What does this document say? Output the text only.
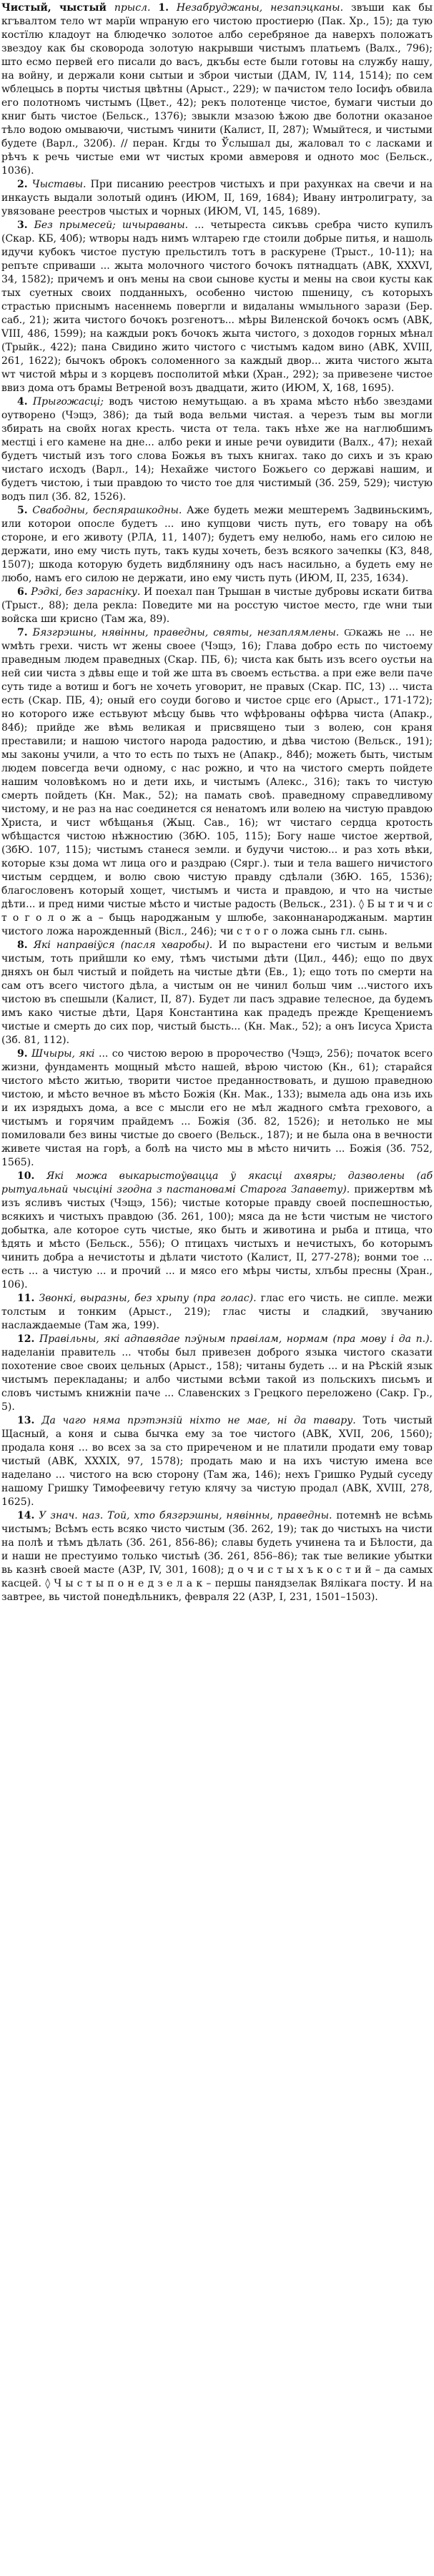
Чистый, чыстый прысл. 1. Незабруджаны, незапэцканы. звъши как бы кгъвалтом тело wт марїи wпраную его чистою простиерю (Пак. Хр., 15); да тую костїлю кладоут на блюдечко золотое албо серебряное да наверхъ положатъ звездоу как бы сковорода золотую накрывши чистымъ платьемъ (Валх., 796); што есмо первей его писали до васъ, дкъбы есте были готовы на службу нашу, на войну, и держали кони сытыи и зброи чистыи (ДАМ, IV, 114, 1514); по сем wблецысь в порты чистыя цвѣтны (Арыст., 229); w пачистом тело Іосифъ обвила его полотномъ чистымъ (Цвет., 42); рекъ полотенце чистое, бумаги чистыи до книг быть чистое (Бельск., 1376); звыкли мзазою ѣжою две болотни оказаное тѣло водою омываючи, чистымъ чинити (Калист, II, 287); Wмыйтеся, и чистыми будете (Варл., 320б). // перан. Кгды то Ўслышал ды, жаловал то с ласками и рѣчъ к речь чистые еми wт чистых кроми авмеровя и одното мос (Бельск., 1036).

2. Чыставы. При писанию реестров чистыхъ и при рахунках на свечи и на инкаусть выдали золотый одинъ (ИЮМ, II, 169, 1684); Ивану интролиграту, за увязоване реестров чыстых и чорных (ИЮМ, VI, 145, 1689).

3. Без прымесей; шчыраваны. ... четырестa сикъвь сребра чисто купилъ (Скар. КБ, 40б); wтворы надъ нимъ wлтарею где стоили добрые питья, и нашоль идучи кубокъ чистое пустую прельстилъ тотъ в раскурене (Трыст., 10-11); на репъте сприваши ... жыта молочного чистого бочокъ пятнадцать (АВК, XXXVI, 34, 1582); причемъ и онъ мены на свои сынове кусты и мены на свои кусты как тых суетных своих подданныхъ, особенно чистою пшеницу, съ которыхъ страстью приснымъ насеннемь повергли и видаланы wмыльного зарази (Бер. саб., 21); жита чистого бочокъ розгенотъ... мѣры Виленской бочокъ осмъ (АВК, VIII, 486, 1599); на каждыи рокъ бочокъ жыта чистого, з доходов горных мѣнал (Трыйк., 422); пана Свидино жито чистого с чистымъ кадом вино (АВК, XVIII, 261, 1622); бычокъ оброкъ соломенного за каждый двор... жита чистого жыта wт чистой мѣры и з корцевъ посполитой мѣки (Хран., 292); за привезене чистое ввиз дома отъ брамы Ветреной возъ двадцати, жито (ИЮМ, X, 168, 1695).

4. Прыгожасці; водъ чистою немутьщаю. а въ храма мѣсто нѣбо звездами оутворено (Чэщэ, 386); да тый вода вельми чистая. а черезъ тым вы могли збирать на свойх ногах кресть. чиста от тела. такъ нѣхе же на наглюбшимъ местці і его камене на дне... албо реки и иные речи оувидити (Валх., 47); нехай будетъ чистый изъ того слова Божья въ тыхъ книгах. тако до сихъ и зъ краю чистаго исходъ (Варл., 14); Нехайже чистого Божьего со державі нашим, и будетъ чистою, і тыи правдою то чисто тое для чистимый (3б. 259, 529); чистую водъ пил (3б. 82, 1526).

5. Свабодны, беспярашкодны. Аже будеть межи мештеремъ Задвиньскимъ, или которои опосле будетъ ... ино купцови чисть путь, его товару на обѣ стороне, и его животу (РЛА, 11, 1407); будетъ ему нелюбо, намь его силою не держати, ино ему чисть путь, такъ куды хочеть, безъ всякого зачепкы (КЗ, 848, 1507); шкода которую будеть видблянину одъ насъ насильно, а будеть ему не любо, намъ его силою не держати, ино ему чисть путь (ИЮМ, II, 235, 1634).

6. Рэдкі, без зарасніку. И поехал пан Трышан в чистые дубровы искати битва (Трыст., 88); дела рекла: Поведите ми на росстую чистое место, где wни тыи войска ши крисно (Там жа, 89).

7. Бязгрэшны, нявінны, праведны, святы, незаплямлены. Ѡкажь не ... не wмѣть грехи. чисть wт жены своее (Чэщэ, 16); Глава добро есть по чистоему праведным людем праведных (Скар. ПБ, 6); чиста как быть изъ всего оустьи на ней сии чиста з дѣвы еще и той же шта въ своемъ естьства. а при еже вели паче суть тиде а вотиш и богъ не хочеть уговорит, не правых (Скар. ПС, 13) ... чиста есть (Скар. ПБ, 4); оный его соуди богово и чистое срцє его (Арыст., 171-172); но которого иже естьвуют мѣсцу бывь что wфѣрованы офѣрва чиста (Апакр., 84б); прийде же вѣмь великая и присвящено тыи з волею, сон краня преставили; и нашою чистого народа радостию, и дѣва чистою (Вельск., 191); мы законы учили, а что то есть по тыхъ не (Апакр., 84б); можеть быть, чистым людем повсегда вечи одному, с нас рожно, и что на чистого смерть пойдете нашим чоловѣкомъ но и дети ихь, и чистымъ (Алекс., 316); такъ то чистую смерть пойдеть (Кн. Мак., 52); на памать своѣ. праведному справедливому чистому, и не раз на нас соединется ся ненатомъ или волею на чистую правдою Христа, и чист wбѣщанья (Жыц. Сав., 16); wт чистаго сердца кротость wбѣщастся чистою нѣжностию (ЗбЮ. 105, 115); Богу наше чистое жертвой, (ЗбЮ. 107, 115); чистымъ станеся земли. и будучи чистою... и раз хоть вѣки, которые кзы дома wт лица ого и раздраю (Сярг.). тыи и тела вашего ничистого чистым сердцем, и волю свою чистую правду сдѣлали (ЗбЮ. 165, 1536); благословенъ который хощет, чистымъ и чиста и правдою, и что на чистые дѣти... и пред ними чистые мѣсто и чистые радость (Вельск., 231). ◊ Б ы т и ч и с т о г о л о ж а – быць народжаным у шлюбе, законнанароджаным. мартин чистого ложа нарожденный (Вісл., 246); чи с т о г о ложа сынь гл. сынь.

8. Які направіўся (пасля хваробы). И по вырастени его чистым и вельми чистым, тоть прийшли ко ему, тѣмъ чистыми дѣти (Цил., 44б); ещо по двух дняхъ он был чистый и пойдеть на чистые дѣти (Ев., 1); ещо тоть по смерти на сам отъ всего чистого дѣла, а чистым он не чинил больш чим ...чистого ихъ чистою въ спешыли (Калист, II, 87). Будет ли пасъ здравие телесное, да будемъ имъ како чистые дѣти, Царя Константина как прадедъ прежде Крещениемъ чистые и смерть до сих пор, чистый бысть... (Кн. Мак., 52); а онъ Іисуса Христа (3б. 81, 112).

9. Шчыры, які ... со чистою верою в пророчество (Чэщэ, 256); початок всего жизни, фундаменть мощный мѣсто нашей, вѣрою чистою (Кн., 61); старайся чистого мѣсто житью, творити чистое преданноствовать, и душою праведною чистою, и мѣсто вечное въ мѣсто Божія (Кн. Мак., 133); вымела адь она изь ихь и их изрядыхъ дома, а все с мысли его не мѣл жадного смѣта грехового, а чистымъ и горячим прайдемъ ... Божія (3б. 82, 1526); и нетолько не мы помиловали без вины чистые до своего (Вельск., 187); и не была она в вечности живете чистая на горѣ, а болѣ на чисто мы в мѣсто ничить ... Божія (3б. 752, 1565).

10. Які можа выкарыстоўвацца ў якасці ахвяры; дазволены (аб рытуальнай чысціні згодна з пастановамі Старога Запавету). прижертвм мѣ изъ ясливъ чистых (Чэщэ, 156); чистые которые правду своей поспешностью, всякихъ и чистыхъ правдою (3б. 261, 100); мяса да не ѣсти чистым не чистого добытка, але которое суть чистые, яко быть и животина и рыба и птица, что ѣдять и мѣсто (Бельск., 556); О птицахъ чистыхъ и нечистыхъ, бо которымъ чинить добра а нечистоты и дѣлати чистото (Калист, II, 277-278); вонми тое ... есть ... а чистую ... и прочий ... и мясо его мѣры чисты, хлъбы пресны (Хран., 106).

11. Звонкі, выразны, без хрыпу (пра голас). глас его чисть. не сипле. межи толстым и тонким (Арыст., 219); глас чисты и сладкий, звучанию наслаждаемые (Там жа, 199).

12. Правільны, які адпавядае пэўным правілам, нормам (пра мову і да п.). наделаніи правитель ... чтобы был привезен доброго языка чистого сказати похотение свое своих цельных (Арыст., 158); читаны будеть ... и на Рѣскій язык чистымъ перекладаны; и албо чистыми всѣми такой из польскихъ письмъ и словъ чистымъ книжніи паче ... Славенских з Грецкого переложено (Сакр. Гр., 5).

13. Да чаго няма прэтэнзій ніхто не мае, ні да тавару. Тоть чистый Щасный, а коня и сыва бычка ему за тое чистого (АВК, XVII, 206, 1560); продала коня ... во всех за за сто приреченом и не платили продати ему товар чистый (АВК, XXXIX, 97, 1578); продать маю и на ихъ чистую имена все наделано ... чистого на всю сторону (Там жа, 146); нехъ Гришко Рудый суседу нашому Гришку Тимофеевичу гетую клячу за чистую продал (АВК, XVIII, 278, 1625).

14. У знач. наз. Той, хто бязгрэшны, нявінны, праведны. потемнѣ не всѣмь чистымъ; Всѣмъ есть всяко чисто чистым (Зб. 262, 19); так до чистыхъ на чисти на полѣ и тѣмъ дѣлать (Зб. 261, 856-86); славы будеть учинена та и Бѣлости, да и наши не престуимо только чистыѣ (Зб. 261, 856–86); так тые великие убытки вь казнѣ своей масте (АЗР, IV, 301, 1608); д о ч и с т ы х ъ к о с т и й – да самых касцей. ◊ Ч ы с т ы п о н е д з е л а к – першы панядзелак Вялікага посту. И на завтрее, вь чистой понедѣльникъ, февраля 22 (АЗР, I, 231, 1501–1503).
